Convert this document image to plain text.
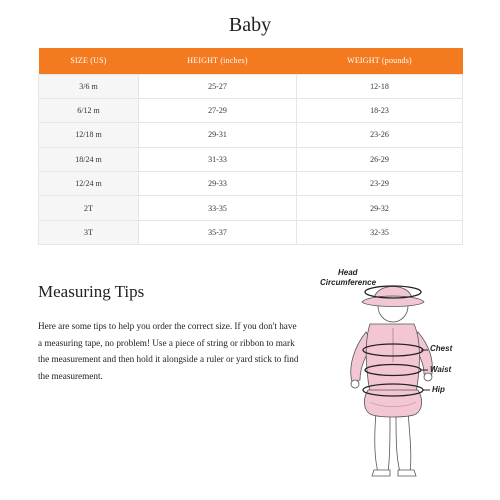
Baby
SIZE (US)	HEIGHT (inches)	WEIGHT (pounds)
3/6 m	25-27	12-18
6/12 m	27-29	18-23
12/18 m	29-31	23-26
18/24 m	31-33	26-29
12/24 m	29-33	23-29
2T	33-35	29-32
3T	35-37	32-35
Measuring Tips
Here are some tips to help you order the correct size. If you don't have a measuring tape, no problem! Use a piece of string or ribbon to mark the measurement and then hold it alongside a ruler or yard stick to find the measurement.
Head
Circumference
Chest
Waist
Hip
